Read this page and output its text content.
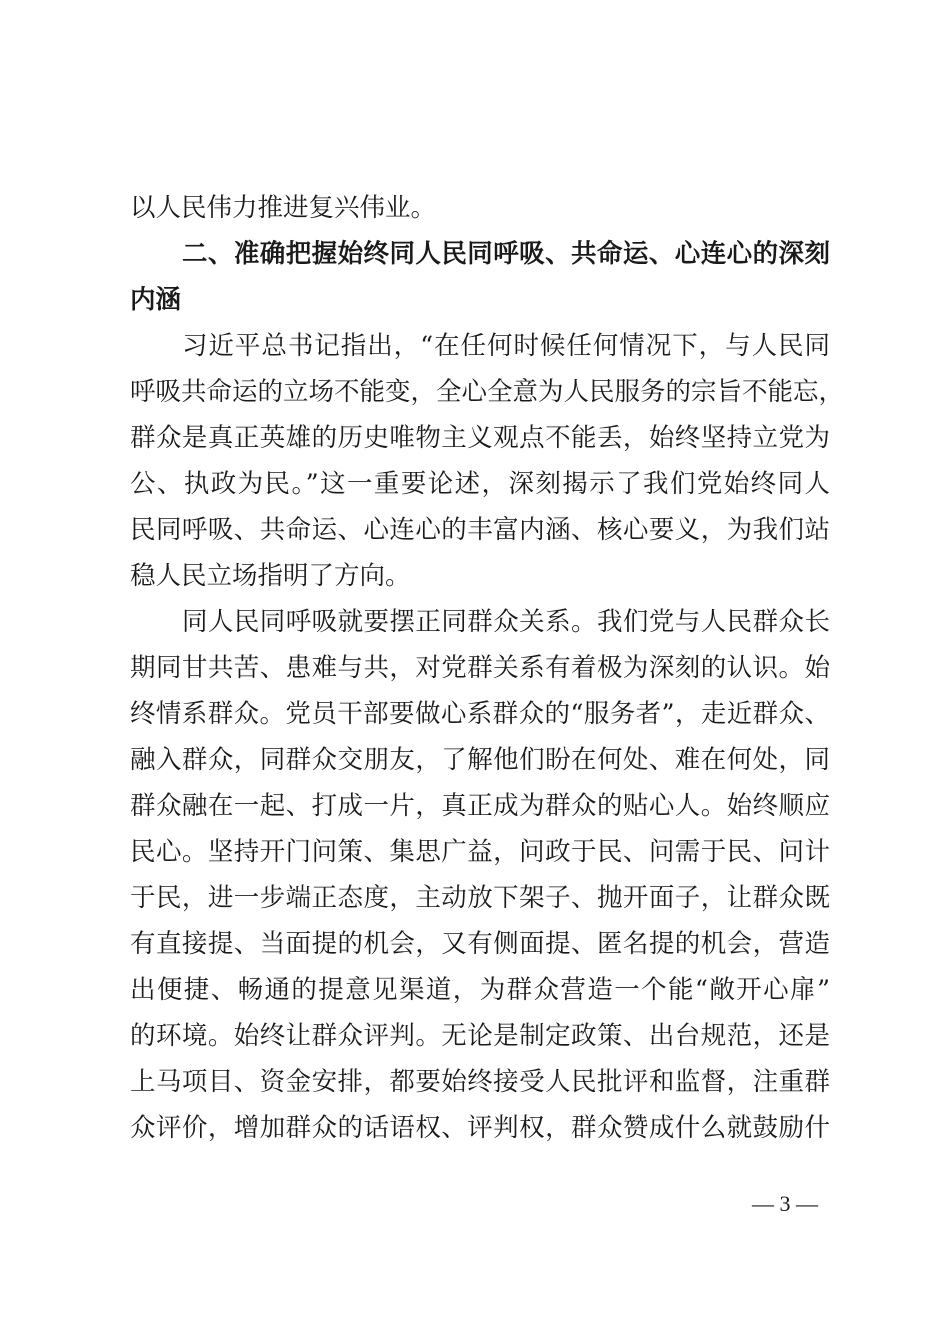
以人民伟力推进复兴伟业。
二、准确把握始终同人民同呼吸、共命运、心连心的深刻
内涵
习近平总书记指出，“在任何时候任何情况下，与人民同
呼吸共命运的立场不能变，全心全意为人民服务的宗旨不能忘，
群众是真正英雄的历史唯物主义观点不能丢，始终坚持立党为
公、执政为民。”这一重要论述，深刻揭示了我们党始终同人
民同呼吸、共命运、心连心的丰富内涵、核心要义，为我们站
稳人民立场指明了方向。
同人民同呼吸就要摆正同群众关系。我们党与人民群众长
期同甘共苦、患难与共，对党群关系有着极为深刻的认识。始
终情系群众。党员干部要做心系群众的“服务者”，走近群众、
融入群众，同群众交朋友，了解他们盼在何处、难在何处，同
群众融在一起、打成一片，真正成为群众的贴心人。始终顺应
民心。坚持开门问策、集思广益，问政于民、问需于民、问计
于民，进一步端正态度，主动放下架子、抛开面子，让群众既
有直接提、当面提的机会，又有侧面提、匿名提的机会，营造
出便捷、畅通的提意见渠道，为群众营造一个能“敞开心扉”
的环境。始终让群众评判。无论是制定政策、出台规范，还是
上马项目、资金安排，都要始终接受人民批评和监督，注重群
众评价，增加群众的话语权、评判权，群众赞成什么就鼓励什
— 3 —
